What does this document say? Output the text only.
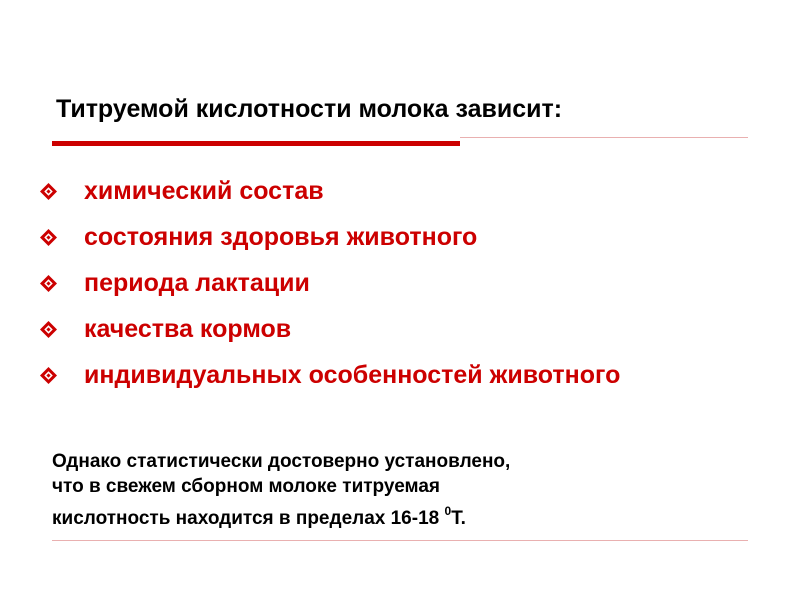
Титруемой кислотности молока зависит:
химический состав
состояния здоровья животного
периода лактации
качества кормов
индивидуальных особенностей животного
Однако статистически достоверно установлено,
что в свежем сборном молоке титруемая
кислотность находится в пределах 16-18 $^0$Т.
